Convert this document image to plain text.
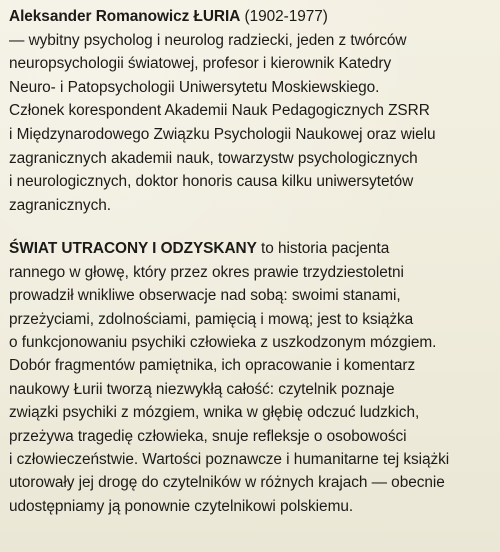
Aleksander Romanowicz ŁURIA (1902-1977)
— wybitny psycholog i neurolog radziecki, jeden z twórców
neuropsychologii światowej, profesor i kierownik Katedry
Neuro- i Patopsychologii Uniwersytetu Moskiewskiego.
Członek korespondent Akademii Nauk Pedagogicznych ZSRR
i Międzynarodowego Związku Psychologii Naukowej oraz wielu
zagranicznych akademii nauk, towarzystw psychologicznych
i neurologicznych, doktor honoris causa kilku uniwersytetów
zagranicznych.
ŚWIAT UTRACONY I ODZYSKANY to historia pacjenta
rannego w głowę, który przez okres prawie trzydziestoletni
prowadził wnikliwe obserwacje nad sobą: swoimi stanami,
przeżyciami, zdolnościami, pamięcią i mową; jest to książka
o funkcjonowaniu psychiki człowieka z uszkodzonym mózgiem.
Dobór fragmentów pamiętnika, ich opracowanie i komentarz
naukowy Łurii tworzą niezwykłą całość: czytelnik poznaje
związki psychiki z mózgiem, wnika w głębię odczuć ludzkich,
przeżywa tragedię człowieka, snuje refleksje o osobowości
i człowieczeństwie. Wartości poznawcze i humanitarne tej książki
utorowały jej drogę do czytelników w różnych krajach — obecnie
udostępniamy ją ponownie czytelnikowi polskiemu.
